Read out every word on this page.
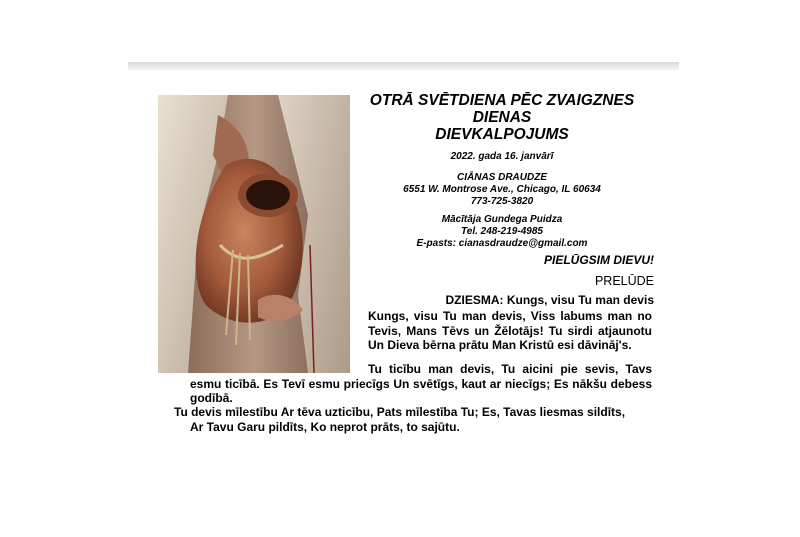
OTRĀ SVĒTDIENA PĒC ZVAIGZNES
DIENAS
DIEVKALPOJUMS
2022. gada 16. janvārī
CIĀNAS DRAUDZE
6551 W. Montrose Ave., Chicago, IL 60634
773-725-3820
Mācītāja Gundega Puidza
Tel. 248-219-4985
E-pasts: cianasdraudze@gmail.com
PIELŪGSIM DIEVU!
PRELŪDE
DZIESMA: Kungs, visu Tu man devis
Kungs, visu Tu man devis, Viss labums man no Tevis, Mans Tēvs un Žēlotājs! Tu sirdi atjaunotu Un Dieva bērna prātu Man Kristū esi dāvināj's.
Tu ticību man devis, Tu aicini pie sevis, Tavs
esmu ticībā. Es Tevī esmu priecīgs Un svētīgs, kaut ar niecīgs; Es nākšu debess godībā.
Tu devis mīlestību Ar tēva uzticību, Pats mīlestība Tu; Es, Tavas liesmas sildīts,
Ar Tavu Garu pildīts, Ko neprot prāts, to sajūtu.
